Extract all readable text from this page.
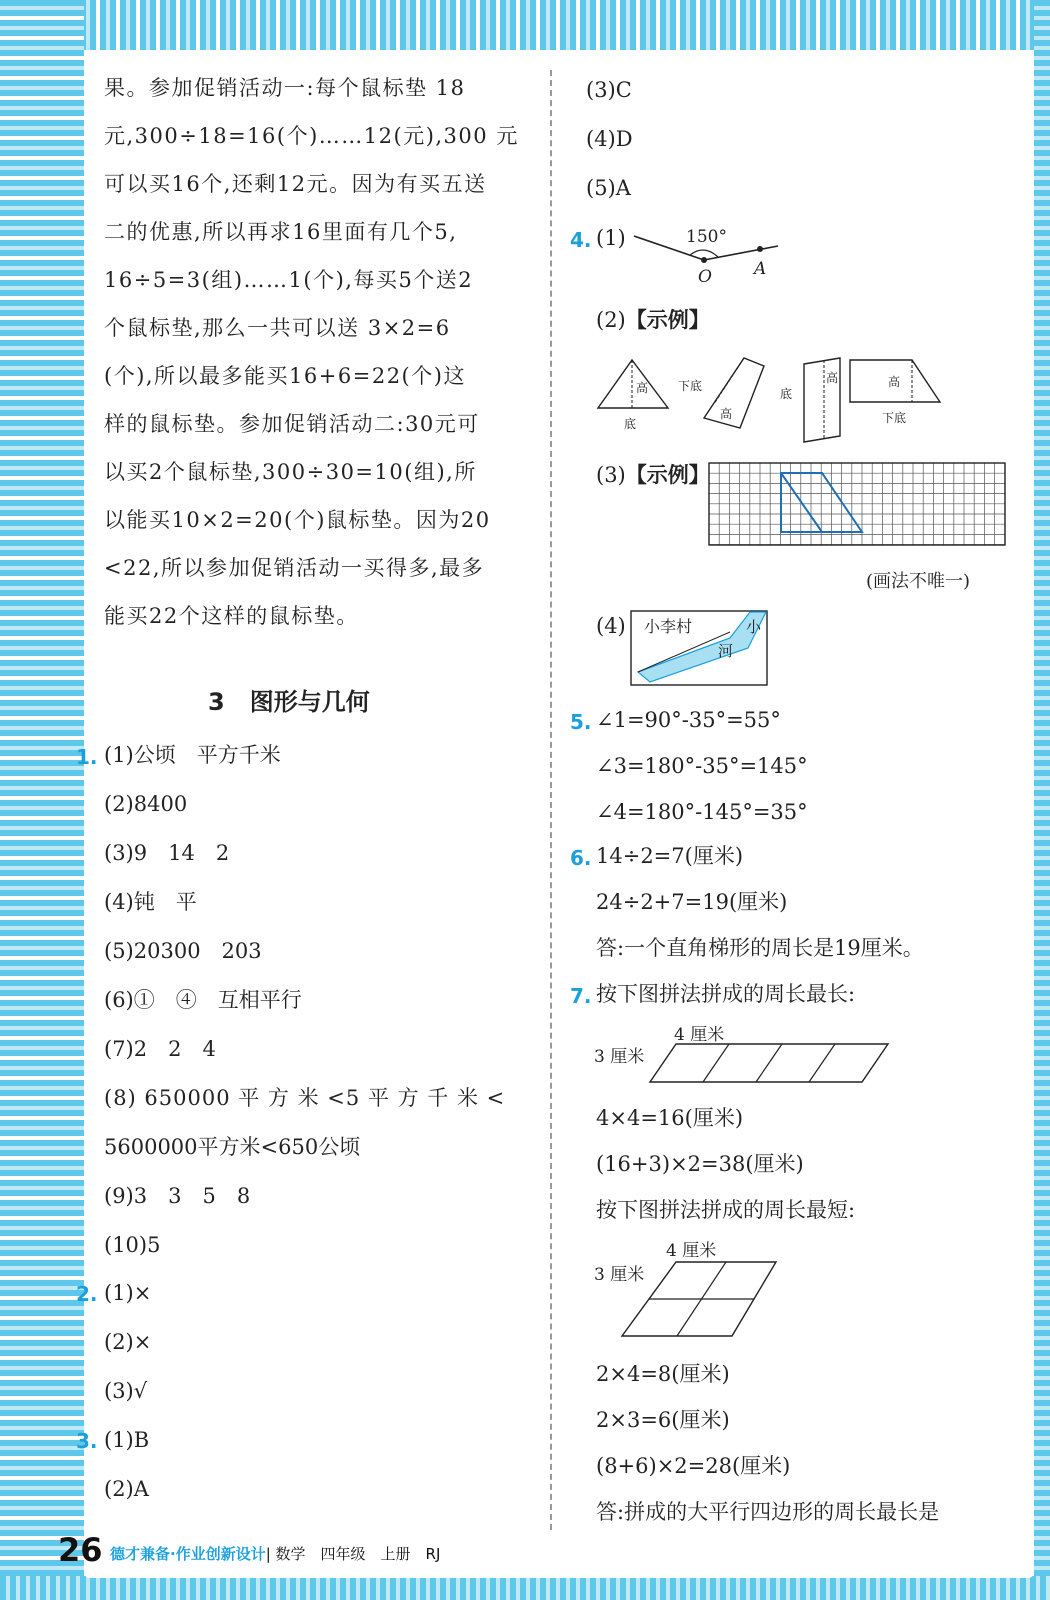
果。参加促销活动一:每个鼠标垫 18
元,300÷18=16(个)……12(元),300 元
可以买16个,还剩12元。因为有买五送
二的优惠,所以再求16里面有几个5,
16÷5=3(组)……1(个),每买5个送2
个鼠标垫,那么一共可以送 3×2=6
(个),所以最多能买16+6=22(个)这
样的鼠标垫。参加促销活动二:30元可
以买2个鼠标垫,300÷30=10(组),所
以能买10×2=20(个)鼠标垫。因为20
<22,所以参加促销活动一买得多,最多
能买22个这样的鼠标垫。
3 图形与几何
1. (1)公顷　平方千米
(2)8400
(3)9　14　2
(4)钝　平
(5)20300　203
(6)①　④　互相平行
(7)2　2　4
(8) 650000 平 方 米 <5 平 方 千 米 <
5600000平方米<650公顷
(9)3　3　5　8
(10)5
2. (1)×
(2)×
(3)√
3. (1)B
(2)A
(3)C
(4)D
(5)A
4. (1)	150°
O A
(2)【示例】
高
底
下底
高
底
高	高
下底
(3)【示例】
(画法不唯一)
(4) 小李村	小
河
5. ∠1=90°-35°=55°
∠3=180°-35°=145°
∠4=180°-145°=35°
6. 14÷2=7(厘米)
24÷2+7=19(厘米)
答:一个直角梯形的周长是19厘米。
7. 按下图拼法拼成的周长最长:
4 厘米
3 厘米
4×4=16(厘米)
(16+3)×2=38(厘米)
按下图拼法拼成的周长最短:
4 厘米
3 厘米
2×4=8(厘米)
2×3=6(厘米)
(8+6)×2=28(厘米)
答:拼成的大平行四边形的周长最长是
26 德才兼备·作业创新设计| 数学　四年级　上册　RJ
